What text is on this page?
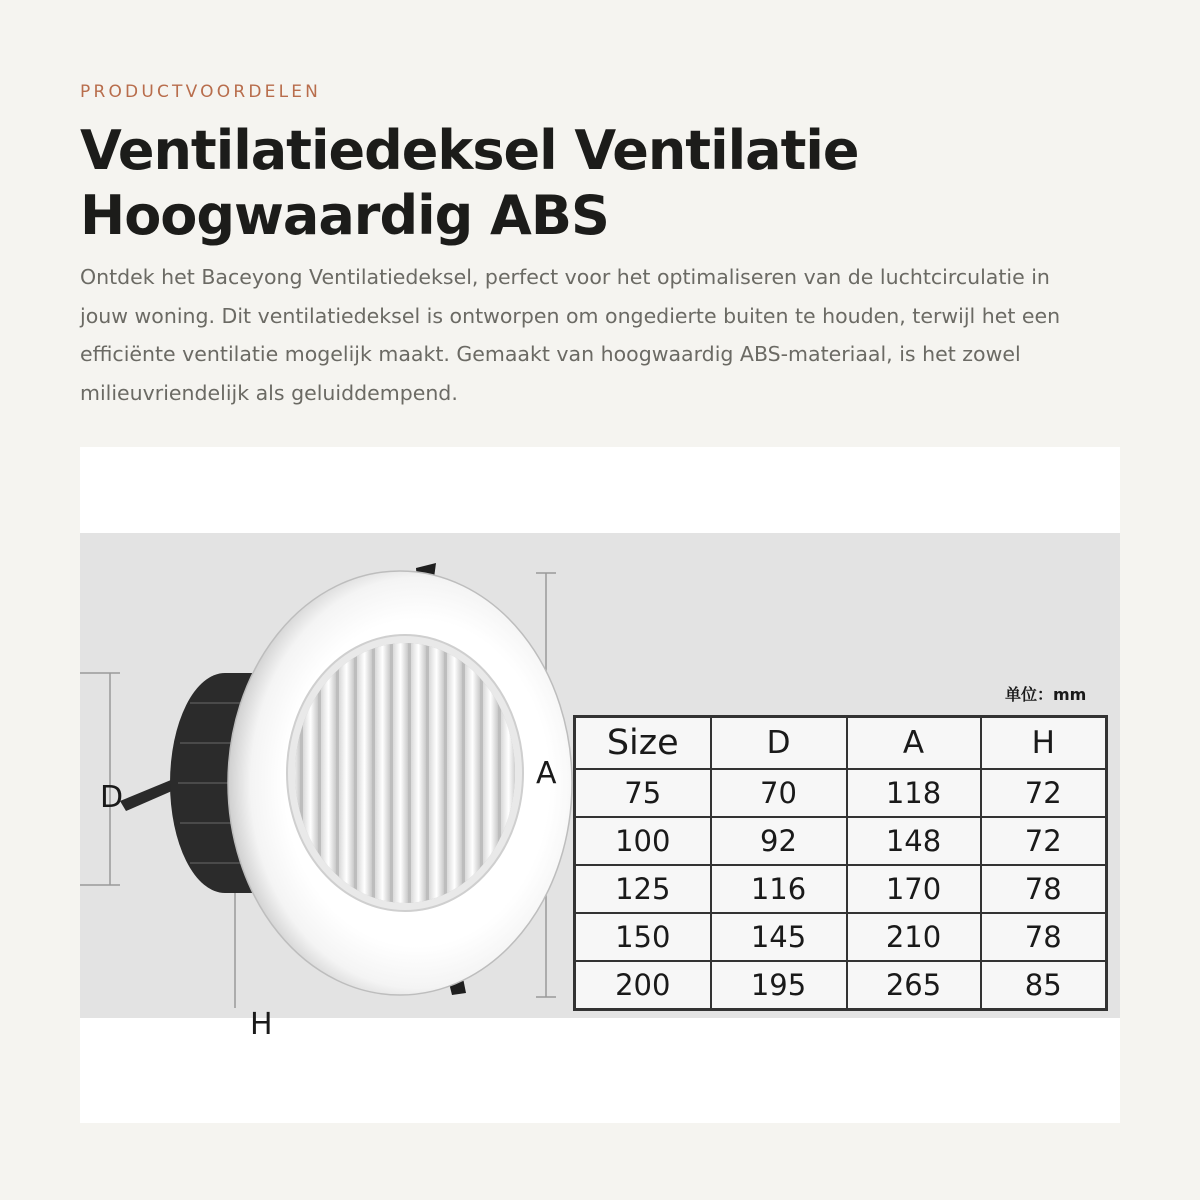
PRODUCTVOORDELEN
Ventilatiedeksel Ventilatie Hoogwaardig ABS

Ontdek het Baceyong Ventilatiedeksel, perfect voor het optimaliseren van de luchtcirculatie in jouw woning. Dit ventilatiedeksel is ontworpen om ongedierte buiten te houden, terwijl het een efficiënte ventilatie mogelijk maakt. Gemaakt van hoogwaardig ABS-materiaal, is het zowel milieuvriendelijk als geluiddempend.

D
A
H
单位：mm
Size	D	A	H
75	70	118	72
100	92	148	72
125	116	170	78
150	145	210	78
200	195	265	85
